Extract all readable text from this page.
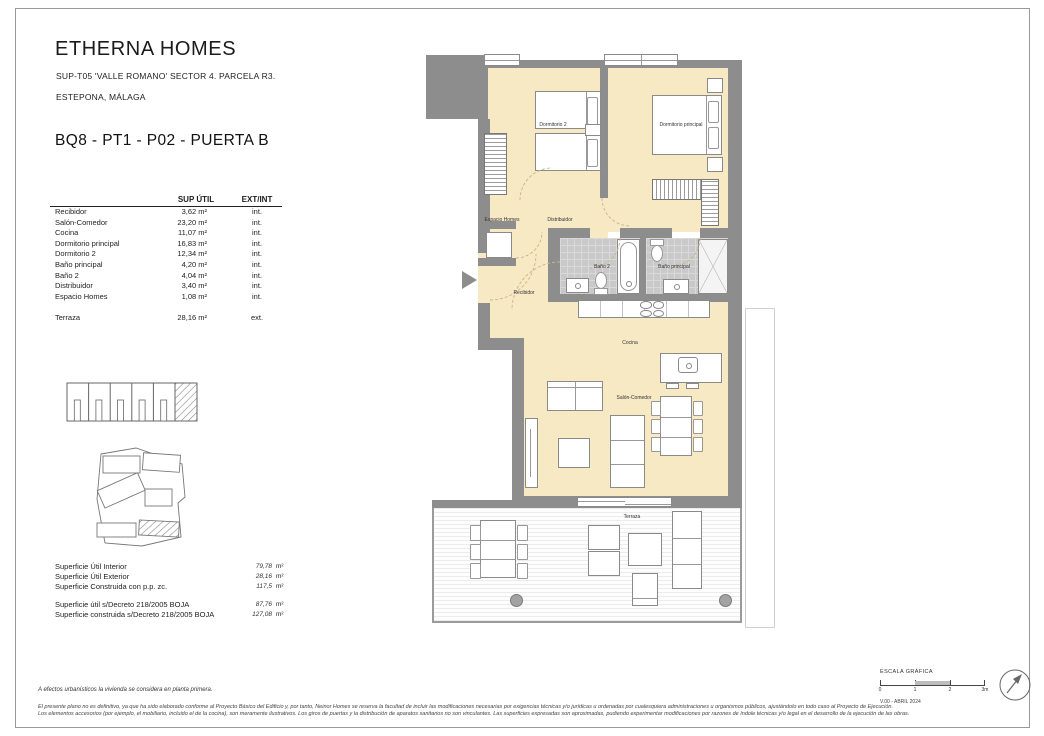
ETHERNA HOMES
SUP-T05 'VALLE ROMANO' SECTOR 4. PARCELA R3.
ESTEPONA, MÁLAGA
BQ8 - PT1 - P02 - PUERTA B
SUP ÚTIL	EXT/INT
Recibidor	3,62 m²	int.
Salón-Comedor	23,20 m²	int.
Cocina	11,07 m²	int.
Dormitorio principal	16,83 m²	int.
Dormitorio 2	12,34 m²	int.
Baño principal	4,20 m²	int.
Baño 2	4,04 m²	int.
Distribuidor	3,40 m²	int.
Espacio Homes	1,08 m²	int.
Terraza	28,16 m²	ext.
Superficie Útil Interior	79,78 m²
Superficie Útil Exterior	28,16 m²
Superficie Construida con p.p. zc.	117,5 m²
Superficie útil s/Decreto 218/2005 BOJA	87,76 m²
Superficie construida s/Decreto 218/2005 BOJA	127,08 m²
Dormitorio 2	Dormitorio principal
Espacio Homes	Distribuidor
Recibidor
Baño 2	Baño principal
Cocina
Salón-Comedor
Terraza
A efectos urbanísticos la vivienda se considera en planta primera.
El presente plano no es definitivo, ya que ha sido elaborado conforme al Proyecto Básico del Edificio y, por tanto, Neinor Homes se reserva la facultad de incluir las modificaciones necesarias por exigencias técnicas y/o jurídicas u ordenadas por cualesquiera administraciones u organismos públicos, ajustándolo en todo caso al Proyecto de Ejecución.
Los elementos accesorios (por ejemplo, el mobiliario, incluido el de la cocina), son meramente ilustrativos. Los giros de puertas y la distribución de aparatos sanitarios no son vinculantes. Las superficies expresadas son aproximadas, pudiendo experimentar modificaciones por razones de índole técnicas y/o legal en el desarrollo de la ejecución de las obras.
ESCALA GRÁFICA
0	1	2	3m
V.00 - ABRIL 2024
